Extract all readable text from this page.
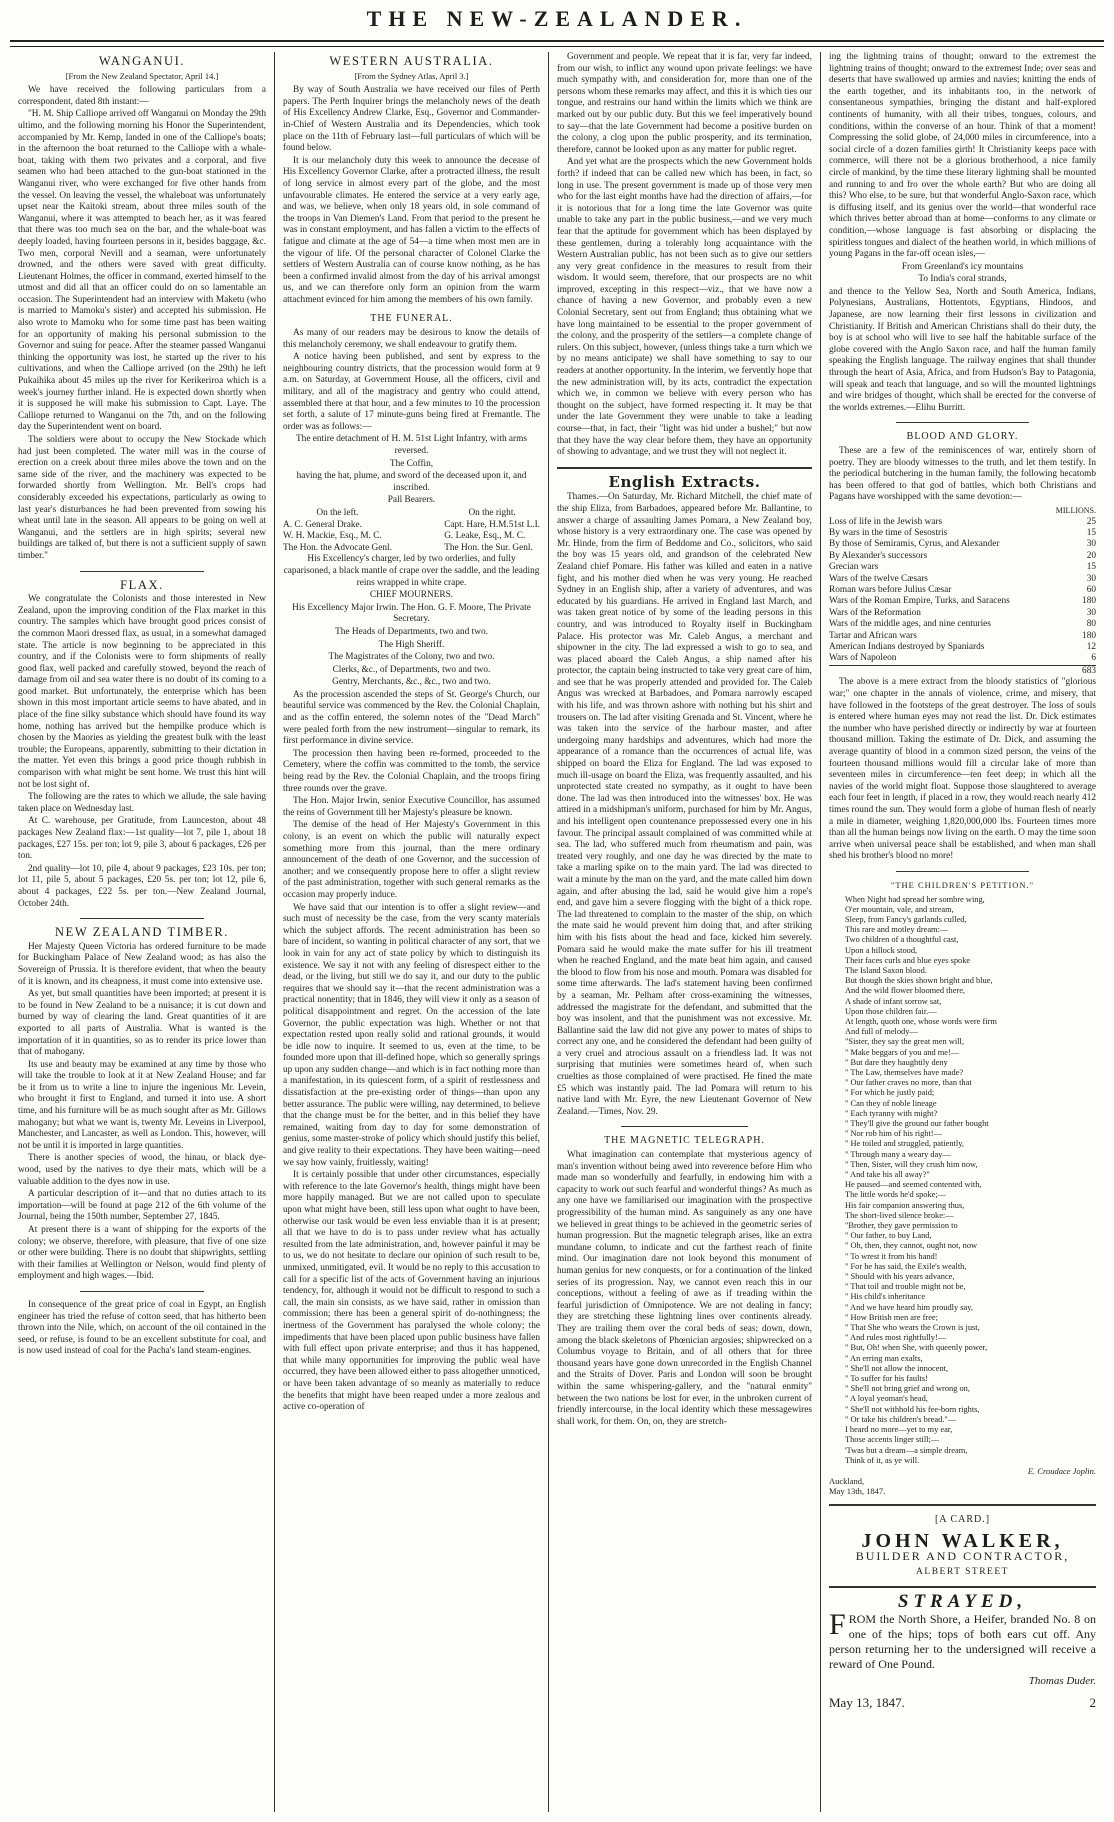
THE NEW-ZEALANDER.
WANGANUI.
[From the New Zealand Spectator, April 14.]

We have received the following particulars from a correspondent, dated 8th instant:—

"H. M. Ship Calliope arrived off Wanganui on Monday the 29th ultimo, and the following morning his Honor the Superintendent, accompanied by Mr. Kemp, landed in one of the Calliope's boats; in the afternoon the boat returned to the Calliope with a whale-boat, taking with them two privates and a corporal, and five seamen who had been attached to the gun-boat stationed in the Wanganui river, who were exchanged for five other hands from the vessel. On leaving the vessel, the whaleboat was unfortunately upset near the Kaitoki stream, about three miles south of the Wanganui, where it was attempted to beach her, as it was feared that there was too much sea on the bar, and the whale-boat was deeply loaded, having fourteen persons in it, besides baggage, &c. Two men, corporal Nevill and a seaman, were unfortunately drowned, and the others were saved with great difficulty. Lieutenant Holmes, the officer in command, exerted himself to the utmost and did all that an officer could do on so lamentable an occasion. The Superintendent had an interview with Maketu (who is married to Mamoku's sister) and accepted his submission. He also wrote to Mamoku who for some time past has been waiting for an opportunity of making his personal submission to the Governor and suing for peace. After the steamer passed Wanganui thinking the opportunity was lost, he started up the river to his cultivations, and when the Calliope arrived (on the 29th) he left Pukaihika about 45 miles up the river for Kerikeriroa which is a week's journey further inland. He is expected down shortly when it is supposed he will make his submission to Capt. Laye. The Calliope returned to Wanganui on the 7th, and on the following day the Superintendent went on board.

The soldiers were about to occupy the New Stockade which had just been completed. The water mill was in the course of erection on a creek about three miles above the town and on the same side of the river, and the machinery was expected to be forwarded shortly from Wellington. Mr. Bell's crops had considerably exceeded his expectations, particularly as owing to last year's disturbances he had been prevented from sowing his wheat until late in the season. All appears to be going on well at Wanganui, and the settlers are in high spirits; several new buildings are talked of, but there is not a sufficient supply of sawn timber."

FLAX.

We congratulate the Colonists and those interested in New Zealand, upon the improving condition of the Flax market in this country. The samples which have brought good prices consist of the common Maori dressed flax, as usual, in a somewhat damaged state. The article is now beginning to be appreciated in this country, and if the Colonists were to form shipments of really good flax, well packed and carefully stowed, beyond the reach of damage from oil and sea water there is no doubt of its coming to a good market. But unfortunately, the enterprise which has been shown in this most important article seems to have abated, and in place of the fine silky substance which should have found its way home, nothing has arrived but the hempilke produce which is chosen by the Maories as yielding the greatest bulk with the least trouble; the Europeans, apparently, submitting to their dictation in the matter. Yet even this brings a good price though rubbish in comparison with what might be sent home. We trust this hint will not be lost sight of.

The following are the rates to which we allude, the sale having taken place on Wednesday last.

At C. warehouse, per Gratitude, from Launceston, about 48 packages New Zealand flax:—1st quality—lot 7, pile 1, about 18 packages, £27 15s. per ton; lot 9, pile 3, about 6 packages, £26 per ton.

2nd quality—lot 10, pile 4, about 9 packages, £23 10s. per ton; lot 11, pile 5, about 5 packages, £20 5s. per ton; lot 12, pile 6, about 4 packages, £22 5s. per ton.—New Zealand Journal, October 24th.

NEW ZEALAND TIMBER.

Her Majesty Queen Victoria has ordered furniture to be made for Buckingham Palace of New Zealand wood; as has also the Sovereign of Prussia. It is therefore evident, that when the beauty of it is known, and its cheapness, it must come into extensive use.

As yet, but small quantities have been imported; at present it is to be found in New Zealand to be a nuisance; it is cut down and burned by way of clearing the land. Great quantities of it are exported to all parts of Australia. What is wanted is the importation of it in quantities, so as to render its price lower than that of mahogany.

Its use and beauty may be examined at any time by those who will take the trouble to look at it at New Zealand House; and far be it from us to write a line to injure the ingenious Mr. Levein, who brought it first to England, and turned it into use. A short time, and his furniture will be as much sought after as Mr. Gillows mahogany; but what we want is, twenty Mr. Leveins in Liverpool, Manchester, and Lancaster, as well as London. This, however, will not be until it is imported in large quantities.

There is another species of wood, the hinau, or black dye-wood, used by the natives to dye their mats, which will be a valuable addition to the dyes now in use.

A particular description of it—and that no duties attach to its importation—will be found at page 212 of the 6th volume of the Journal, being the 150th number, September 27, 1845.

At present there is a want of shipping for the exports of the colony; we observe, therefore, with pleasure, that five of one size or other were building. There is no doubt that shipwrights, settling with their families at Wellington or Nelson, would find plenty of employment and high wages.—Ibid.

In consequence of the great price of coal in Egypt, an English engineer has tried the refuse of cotton seed, that has hitherto been thrown into the Nile, which, on account of the oil contained in the seed, or refuse, is found to be an excellent substitute for coal, and is now used instead of coal for the Pacha's land steam-engines.

WESTERN AUSTRALIA.
[From the Sydney Atlas, April 3.]

By way of South Australia we have received our files of Perth papers. The Perth Inquirer brings the melancholy news of the death of His Excellency Andrew Clarke, Esq., Governor and Commander-in-Chief of Western Australia and its Dependencies, which took place on the 11th of February last—full particulars of which will be found below.

It is our melancholy duty this week to announce the decease of His Excellency Governor Clarke, after a protracted illness, the result of long service in almost every part of the globe, and the most unfavourable climates. He entered the service at a very early age, and was, we believe, when only 18 years old, in sole command of the troops in Van Diemen's Land. From that period to the present he was in constant employment, and has fallen a victim to the effects of fatigue and climate at the age of 54—a time when most men are in the vigour of life. Of the personal character of Colonel Clarke the settlers of Western Australia can of course know nothing, as he has been a confirmed invalid almost from the day of his arrival amongst us, and we can therefore only form an opinion from the warm attachment evinced for him among the members of his own family.

THE FUNERAL.

As many of our readers may be desirous to know the details of this melancholy ceremony, we shall endeavour to gratify them.

A notice having been published, and sent by express to the neighbouring country districts, that the procession would form at 9 a.m. on Saturday, at Government House, all the officers, civil and military, and all of the magistracy and gentry who could attend, assembled there at that hour, and a few minutes to 10 the procession set forth, a salute of 17 minute-guns being fired at Fremantle. The order was as follows:—

The entire detachment of H. M. 51st Light Infantry, with arms reversed.

The Coffin,

having the hat, plume, and sword of the deceased upon it, and inscribed.

Pall Bearers.

On the left.
A. C. General Drake.
W. H. Mackie, Esq., M. C.
The Hon. the Advocate Genl.
On the right.
Capt. Hare, H.M.51st L.I.
G. Leake, Esq., M. C.
The Hon. the Sur. Genl.

His Excellency's charger, led by two orderlies, and fully caparisoned, a black mantle of crape over the saddle, and the leading reins wrapped in white crape.

CHIEF MOURNERS.

His Excellency Major Irwin. The Hon. G. F. Moore, The Private Secretary.

The Heads of Departments, two and two.

The High Sheriff.

The Magistrates of the Colony, two and two.

Clerks, &c., of Departments, two and two.

Gentry, Merchants, &c., &c., two and two.

As the procession ascended the steps of St. George's Church, our beautiful service was commenced by the Rev. the Colonial Chaplain, and as the coffin entered, the solemn notes of the "Dead March" were pealed forth from the new instrument—singular to remark, its first performance in divine service.

The procession then having been re-formed, proceeded to the Cemetery, where the coffin was committed to the tomb, the service being read by the Rev. the Colonial Chaplain, and the troops firing three rounds over the grave.

The Hon. Major Irwin, senior Executive Councillor, has assumed the reins of Government till her Majesty's pleasure be known.

The demise of the head of Her Majesty's Government in this colony, is an event on which the public will naturally expect something more from this journal, than the mere ordinary announcement of the death of one Governor, and the succession of another; and we consequently propose here to offer a slight review of the past administration, together with such general remarks as the occasion may properly induce.

We have said that our intention is to offer a slight review—and such must of necessity be the case, from the very scanty materials which the subject affords. The recent administration has been so bare of incident, so wanting in political character of any sort, that we look in vain for any act of state policy by which to distinguish its existence. We say it not with any feeling of disrespect either to the dead, or the living, but still we do say it, and our duty to the public requires that we should say it—that the recent administration was a practical nonentity; that in 1846, they will view it only as a season of political disappointment and regret. On the accession of the late Governor, the public expectation was high. Whether or not that expectation rested upon really solid and rational grounds, it would be idle now to inquire. It seemed to us, even at the time, to be founded more upon that ill-defined hope, which so generally springs up upon any sudden change—and which is in fact nothing more than a manifestation, in its quiescent form, of a spirit of restlessness and dissatisfaction at the pre-existing order of things—than upon any better assurance. The public were willing, nay determined, to believe that the change must be for the better, and in this belief they have remained, waiting from day to day for some demonstration of genius, some master-stroke of policy which should justify this belief, and give reality to their expectations. They have been waiting—need we say how vainly, fruitlessly, waiting!

It is certainly possible that under other circumstances, especially with reference to the late Governor's health, things might have been more happily managed. But we are not called upon to speculate upon what might have been, still less upon what ought to have been, otherwise our task would be even less enviable than it is at present; all that we have to do is to pass under review what has actually resulted from the late administration, and, however painful it may be to us, we do not hesitate to declare our opinion of such result to be, unmixed, unmitigated, evil. It would be no reply to this accusation to call for a specific list of the acts of Government having an injurious tendency, for, although it would not be difficult to respond to such a call, the main sin consists, as we have said, rather in omission than commission; there has been a general spirit of do-nothingness; the inertness of the Government has paralysed the whole colony; the impediments that have been placed upon public business have fallen with full effect upon private enterprise; and thus it has happened, that while many opportunities for improving the public weal have occurred, they have been allowed either to pass altogether unnoticed, or have been taken advantage of so meanly as materially to reduce the benefits that might have been reaped under a more zealous and active co-operation of

Government and people. We repeat that it is far, very far indeed, from our wish, to inflict any wound upon private feelings: we have much sympathy with, and consideration for, more than one of the persons whom these remarks may affect, and this it is which ties our tongue, and restrains our hand within the limits which we think are marked out by our public duty. But this we feel imperatively bound to say—that the late Government had become a positive burden on the colony, a clog upon the public prosperity, and its termination, therefore, cannot be looked upon as any matter for public regret.

And yet what are the prospects which the new Government holds forth? if indeed that can be called new which has been, in fact, so long in use. The present government is made up of those very men who for the last eight months have had the direction of affairs,—for it is notorious that for a long time the late Governor was quite unable to take any part in the public business,—and we very much fear that the aptitude for government which has been displayed by these gentlemen, during a tolerably long acquaintance with the Western Australian public, has not been such as to give our settlers any very great confidence in the measures to result from their wisdom. It would seem, therefore, that our prospects are no whit improved, excepting in this respect—viz., that we have now a chance of having a new Governor, and probably even a new Colonial Secretary, sent out from England; thus obtaining what we have long maintained to be essential to the proper government of the colony, and the prosperity of the settlers—a complete change of rulers. On this subject, however, (unless things take a turn which we by no means anticipate) we shall have something to say to our readers at another opportunity. In the interim, we fervently hope that the new administration will, by its acts, contradict the expectation which we, in common we believe with every person who has thought on the subject, have formed respecting it. It may be that under the late Government they were unable to take a leading course—that, in fact, their "light was hid under a bushel;" but now that they have the way clear before them, they have an opportunity of showing to advantage, and we trust they will not neglect it.

English Extracts.

Thames.—On Saturday, Mr. Richard Mitchell, the chief mate of the ship Eliza, from Barbadoes, appeared before Mr. Ballantine, to answer a charge of assaulting James Pomara, a New Zealand boy, whose history is a very extraordinary one. The case was opened by Mr. Hinde, from the firm of Beddome and Co., solicitors, who said the boy was 15 years old, and grandson of the celebrated New Zealand chief Pomare. His father was killed and eaten in a native fight, and his mother died when he was very young. He reached Sydney in an English ship, after a variety of adventures, and was educated by his guardians. He arrived in England last March, and was taken great notice of by some of the leading persons in this country, and was introduced to Royalty itself in Buckingham Palace. His protector was Mr. Caleb Angus, a merchant and shipowner in the city. The lad expressed a wish to go to sea, and was placed aboard the Caleb Angus, a ship named after his protector, the captain being instructed to take very great care of him, and see that he was properly attended and provided for. The Caleb Angus was wrecked at Barbadoes, and Pomara narrowly escaped with his life, and was thrown ashore with nothing but his shirt and trousers on. The lad after visiting Grenada and St. Vincent, where he was taken into the service of the harbour master, and after undergoing many hardships and adventures, which had more the appearance of a romance than the occurrences of actual life, was shipped on board the Eliza for England. The lad was exposed to much ill-usage on board the Eliza, was frequently assaulted, and his unprotected state created no sympathy, as it ought to have been done. The lad was then introduced into the witnesses' box. He was attired in a midshipman's uniform, purchased for him by Mr. Angus, and his intelligent open countenance prepossessed every one in his favour. The principal assault complained of was committed while at sea. The lad, who suffered much from rheumatism and pain, was treated very roughly, and one day he was directed by the mate to take a marling spike on to the main yard. The lad was directed to wait a minute by the man on the yard, and the mate called him down again, and after abusing the lad, said he would give him a rope's end, and gave him a severe flogging with the bight of a thick rope. The lad threatened to complain to the master of the ship, on which the mate said he would prevent him doing that, and after striking him with his fists about the head and face, kicked him severely. Pomara said he would make the mate suffer for his ill treatment when he reached England, and the mate beat him again, and caused the blood to flow from his nose and mouth. Pomara was disabled for some time afterwards. The lad's statement having been confirmed by a seaman, Mr. Pelham after cross-examining the witnesses, addressed the magistrate for the defendant, and submitted that the boy was insolent, and that the punishment was not excessive. Mr. Ballantine said the law did not give any power to mates of ships to correct any one, and he considered the defendant had been guilty of a very cruel and atrocious assault on a friendless lad. It was not surprising that mutinies were sometimes heard of, when such cruelties as those complained of were practised. He fined the mate £5 which was instantly paid. The lad Pomara will return to his native land with Mr. Eyre, the new Lieutenant Governor of New Zealand.—Times, Nov. 29.

THE MAGNETIC TELEGRAPH.

What imagination can contemplate that mysterious agency of man's invention without being awed into reverence before Him who made man so wonderfully and fearfully, in endowing him with a capacity to work out such fearful and wonderful things? As much as any one have we familiarised our imagination with the prospective progressibility of the human mind. As sanguinely as any one have we believed in great things to be achieved in the geometric series of human progression. But the magnetic telegraph arises, like an extra mundane column, to indicate and cut the farthest reach of finite mind. Our imagination dare not look beyond this monument of human genius for new conquests, or for a continuation of the linked series of its progression. Nay, we cannot even reach this in our conceptions, without a feeling of awe as if treading within the fearful jurisdiction of Omnipotence. We are not dealing in fancy; they are stretching these lightning lines over continents already. They are trailing them over the coral beds of seas; down, down, among the black skeletons of Phœnician argosies; shipwrecked on a Columbus voyage to Britain, and of all others that for three thousand years have gone down unrecorded in the English Channel and the Straits of Dover. Paris and London will soon be brought within the same whispering-gallery, and the "natural enmity" between the two nations be lost for ever, in the unbroken current of friendly intercourse, in the local identity which these messagewires shall work, for them. On, on, they are stretch-

ing the lightning trains of thought; onward to the extremest the lightning trains of thought; onward to the extremest Inde; over seas and deserts that have swallowed up armies and navies; knitting the ends of the earth together, and its inhabitants too, in the network of consentaneous sympathies, bringing the distant and half-explored continents of humanity, with all their tribes, tongues, colours, and conditions, within the converse of an hour. Think of that a moment! Compressing the solid globe, of 24,000 miles in circumference, into a social circle of a dozen families girth! It Christianity keeps pace with commerce, will there not be a glorious brotherhood, a nice family circle of mankind, by the time these literary lightning shall be mounted and running to and fro over the whole earth? But who are doing all this? Who else, to be sure, but that wonderful Anglo-Saxon race, which is diffusing itself, and its genius over the world—that wonderful race which thrives better abroad than at home—conforms to any climate or condition,—whose language is fast absorbing or displacing the spiritless tongues and dialect of the heathen world, in which millions of young Pagans in the far-off ocean isles,—

From Greenland's icy mountains

To India's coral strands,

and thence to the Yellow Sea, North and South America, Indians, Polynesians, Australians, Hottentots, Egyptians, Hindoos, and Japanese, are now learning their first lessons in civilization and Christianity. If British and American Christians shall do their duty, the boy is at school who will live to see half the habitable surface of the globe covered with the Anglo Saxon race, and half the human family speaking the English language. The railway engines that shall thunder through the heart of Asia, Africa, and from Hudson's Bay to Patagonia, will speak and teach that language, and so will the mounted lightnings and wire bridges of thought, which shall be erected for the converse of the worlds extremes.—Elihu Burritt.

BLOOD AND GLORY.

These are a few of the reminiscences of war, entirely shorn of poetry. They are bloody witnesses to the truth, and let them testify. In the periodical butchering in the human family, the following hecatomb has been offered to that god of battles, which both Christians and Pagans have worshipped with the same devotion:—

MILLIONS.
Loss of life in the Jewish wars	25
By wars in the time of Sesostris	15
By those of Semiramis, Cyrus, and Alexander	30
By Alexander's successors	20
Grecian wars	15
Wars of the twelve Cæsars	30
Roman wars before Julius Cæsar	60
Wars of the Roman Empire, Turks, and Saracens	180
Wars of the Reformation	30
Wars of the middle ages, and nine centuries	80
Tartar and African wars	180
American Indians destroyed by Spaniards	12
Wars of Napoleon	6
683

The above is a mere extract from the bloody statistics of "glorious war;" one chapter in the annals of violence, crime, and misery, that have followed in the footsteps of the great destroyer. The loss of souls is entered where human eyes may not read the list. Dr. Dick estimates the number who have perished directly or indirectly by war at fourteen thousand million. Taking the estimate of Dr. Dick, and assuming the average quantity of blood in a common sized person, the veins of the fourteen thousand millions would fill a circular lake of more than seventeen miles in circumference—ten feet deep; in which all the navies of the world might float. Suppose those slaughtered to average each four feet in length, if placed in a row, they would reach nearly 412 times round the sun. They would form a globe of human flesh of nearly a mile in diameter, weighing 1,820,000,000 lbs. Fourteen times more than all the human beings now living on the earth. O may the time soon arrive when universal peace shall be established, and when man shall shed his brother's blood no more!

"THE CHILDREN'S PETITION."
When Night had spread her sombre wing,
O'er mountain, vale, and stream,
Sleep, from Fancy's garlands culled,
This rare and motley dream:—
Two children of a thoughtful cast,
Upon a hillock stood,
Their faces curls and blue eyes spoke
The Island Saxon blood.
But though the skies shown bright and blue,
And the wild flower bloomed there,
A shade of infant sorrow sat,
Upon those children fair.—
At length, quoth one, whose words were firm
And full of melody—
"Sister, they say the great men will,
" Make beggars of you and me!—
" But dare they haughtily deny
" The Law, themselves have made?
" Our father craves no more, than that
" For which he justly paid;
" Can they of noble lineage
" Each tyranny with might?
" They'll give the ground our father bought
" Nor rob him of his right!—
" He toiled and struggled, patiently,
" Through many a weary day—
" Then, Sister, will they crush him now,
" And take his all away?"
He paused—and seemed contented with,
The little words he'd spoke;—
His fair companion answering thus,
The short-lived silence broke:—
"Brother, they gave permission to
" Our father, to buy Land,
" Oh, then, they cannot, ought not, now
" To wrest it from his hand!
" For he has said, the Exile's wealth,
" Should with his years advance,
" That toil and trouble might not be,
" His child's inheritance
" And we have heard him proudly say,
" How British men are free;
" That She who wears the Crown is just,
" And rules most rightfully!—
" But, Oh! when She, with queenly power,
" An erring man exalts,
" She'll not allow the innocent,
" To suffer for his faults!
" She'll not bring grief and wrong on,
" A loyal yeoman's head,
" She'll not withhold his fee-born rights,
" Or take his children's bread."—
I heard no more—yet to my ear,
Those accents linger still;—
'Twas but a dream—a simple dream,
Think of it, as ye will.
E. Croudace Joplin.
Auckland,
May 13th, 1847.
[A CARD.]
JOHN WALKER,
BUILDER AND CONTRACTOR,
ALBERT STREET
STRAYED,
FROM the North Shore, a Heifer, branded No. 8 on one of the hips; tops of both ears cut off. Any person returning her to the undersigned will receive a reward of One Pound.
Thomas Duder.
May 13, 1847.	2
